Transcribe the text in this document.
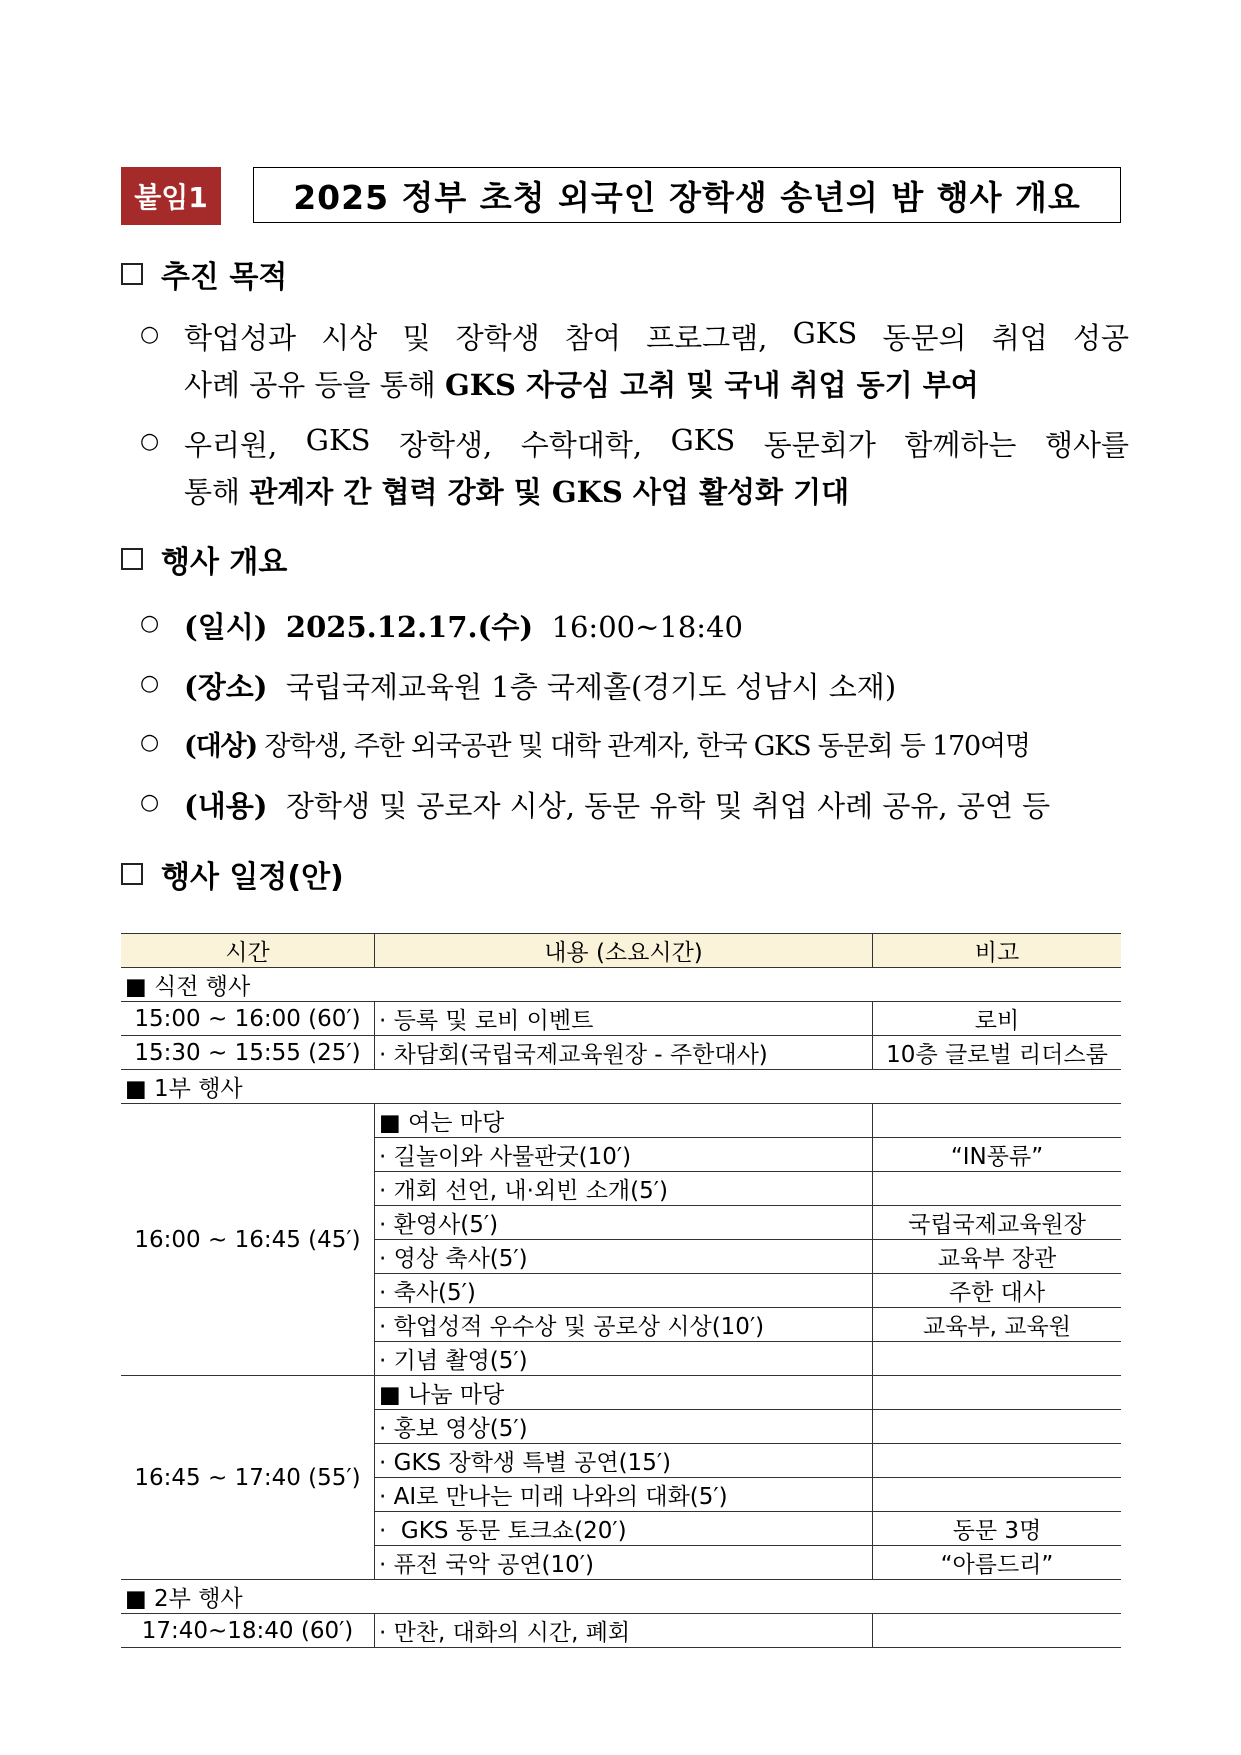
붙임1	2025 정부 초청 외국인 장학생 송년의 밤 행사 개요
추진 목적
○ 학업성과 시상 및 장학생 참여 프로그램, GKS 동문의 취업 성공
사례 공유 등을 통해 GKS 자긍심 고취 및 국내 취업 동기 부여
○ 우리원, GKS 장학생, 수학대학, GKS 동문회가 함께하는 행사를
통해 관계자 간 협력 강화 및 GKS 사업 활성화 기대
행사 개요
○ (일시) 2025.12.17.(수) 16:00~18:40
○ (장소) 국립국제교육원 1층 국제홀(경기도 성남시 소재)
○ (대상) 장학생, 주한 외국공관 및 대학 관계자, 한국 GKS 동문회 등 170여명
○ (내용) 장학생 및 공로자 시상, 동문 유학 및 취업 사례 공유, 공연 등
행사 일정(안)
시간	내용 (소요시간)	비고
■ 식전 행사		
15:00 ~ 16:00 (60′)	· 등록 및 로비 이벤트	로비
15:30 ~ 15:55 (25′)	· 차담회(국립국제교육원장 - 주한대사)	10층 글로벌 리더스룸
■ 1부 행사		
16:00 ~ 16:45 (45′)	■ 여는 마당	
	· 길놀이와 사물판굿(10′)	“IN풍류”
	· 개회 선언, 내·외빈 소개(5′)	
	· 환영사(5′)	국립국제교육원장
	· 영상 축사(5′)	교육부 장관
	· 축사(5′)	주한 대사
	· 학업성적 우수상 및 공로상 시상(10′)	교육부, 교육원
	· 기념 촬영(5′)	
16:45 ~ 17:40 (55′)	■ 나눔 마당	
	· 홍보 영상(5′)	
	· GKS 장학생 특별 공연(15′)	
	· AI로 만나는 미래 나와의 대화(5′)	
	·  GKS 동문 토크쇼(20′)	동문 3명
	· 퓨전 국악 공연(10′)	“아름드리”
■ 2부 행사		
17:40~18:40 (60′)	· 만찬, 대화의 시간, 폐회	
